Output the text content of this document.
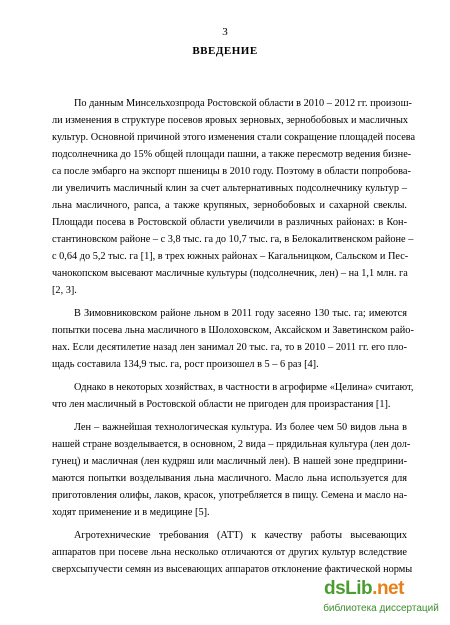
3
ВВЕДЕНИЕ
По данным Минсельхозпрода Ростовской области в 2010 – 2012 гг. произош-
ли изменения в структуре посевов яровых зерновых, зернобобовых и масличных
культур. Основной причиной этого изменения стали сокращение площадей посева
подсолнечника до 15% общей площади пашни, а также пересмотр ведения бизне-
са после эмбарго на экспорт пшеницы в 2010 году. Поэтому в области попробова-
ли увеличить масличный клин за счет альтернативных подсолнечнику культур –
льна масличного, рапса, а также крупяных, зернобобовых и сахарной свеклы.
Площади посева в Ростовской области увеличили в различных районах: в Кон-
стантиновском районе – с 3,8 тыс. га до 10,7 тыс. га, в Белокалитвенском районе –
с 0,64 до 5,2 тыс. га [1], в трех южных районах – Кагальницком, Сальском и Пес-
чанокопском высевают масличные культуры (подсолнечник, лен) – на 1,1 млн. га
[2, 3].
В Зимовниковском районе льном в 2011 году засеяно 130 тыс. га; имеются
попытки посева льна масличного в Шолоховском, Аксайском и Заветинском райо-
нах. Если десятилетие назад лен занимал 20 тыс. га, то в 2010 – 2011 гг. его пло-
щадь составила 134,9 тыс. га, рост произошел в 5 – 6 раз [4].
Однако в некоторых хозяйствах, в частности в агрофирме «Целина» считают,
что лен масличный в Ростовской области не пригоден для произрастания [1].
Лен – важнейшая технологическая культура. Из более чем 50 видов льна в
нашей стране возделывается, в основном, 2 вида – прядильная культура (лен дол-
гунец) и масличная (лен кудряш или масличный лен). В нашей зоне предприни-
маются попытки возделывания льна масличного. Масло льна используется для
приготовления олифы, лаков, красок, употребляется в пищу. Семена и масло на-
ходят применение и в медицине [5].
Агротехнические требования (АТТ) к качеству работы высевающих
аппаратов при посеве льна несколько отличаются от других культур вследствие
сверхсыпучести семян из высевающих аппаратов отклонение фактической нормы
dsLib.net
библиотека диссертаций
